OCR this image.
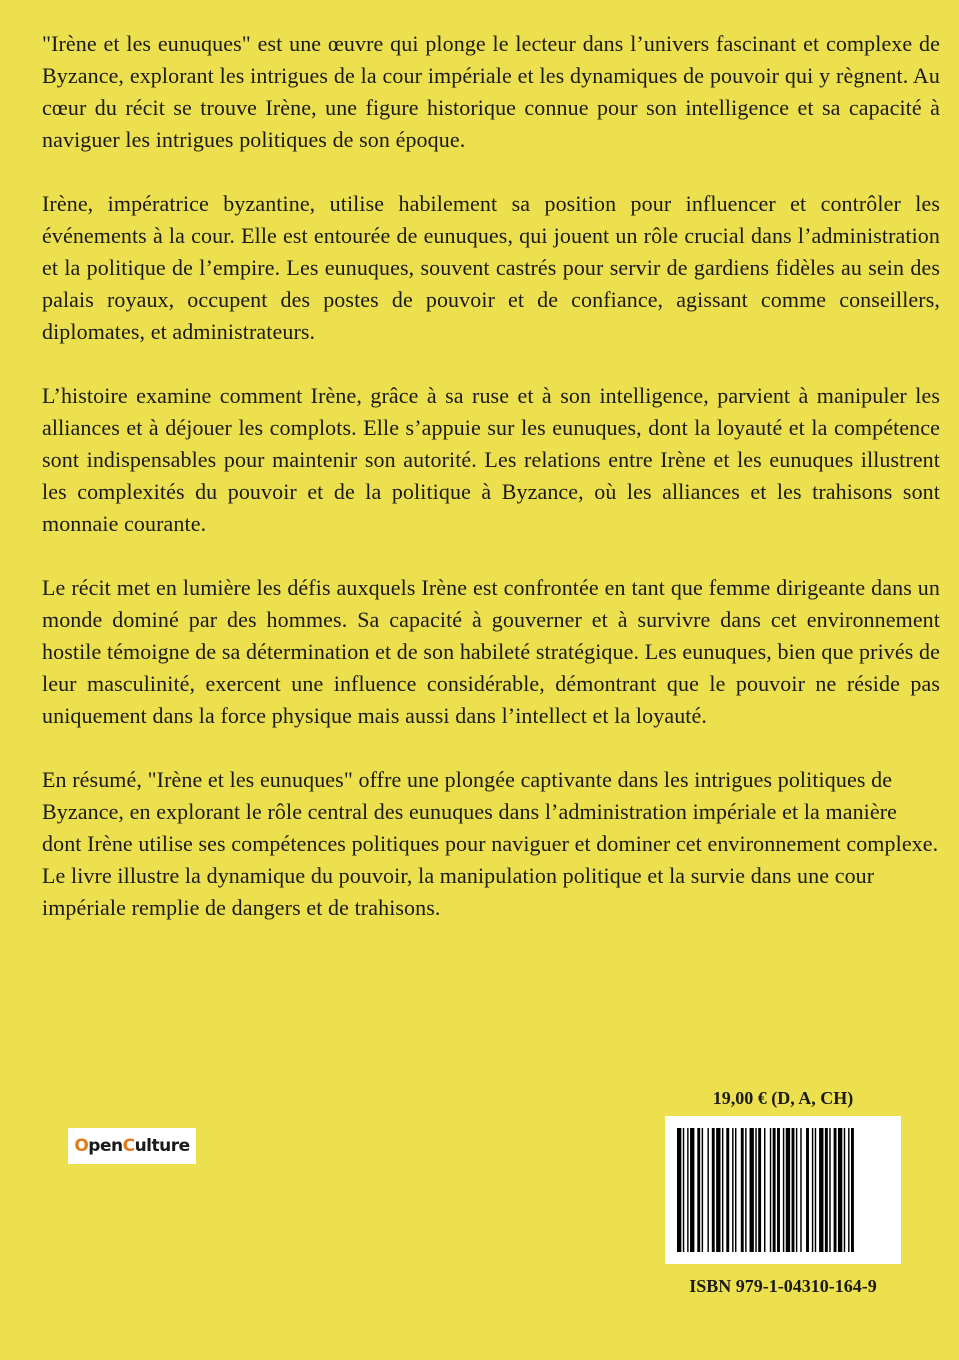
"Irène et les eunuques" est une œuvre qui plonge le lecteur dans l’univers fascinant et complexe de Byzance, explorant les intrigues de la cour impériale et les dynamiques de pouvoir qui y règnent. Au cœur du récit se trouve Irène, une figure historique connue pour son intelligence et sa capacité à naviguer les intrigues politiques de son époque.

Irène, impératrice byzantine, utilise habilement sa position pour influencer et contrôler les événements à la cour. Elle est entourée de eunuques, qui jouent un rôle crucial dans l’administration et la politique de l’empire. Les eunuques, souvent castrés pour servir de gardiens fidèles au sein des palais royaux, occupent des postes de pouvoir et de confiance, agissant comme conseillers, diplomates, et administrateurs.

L’histoire examine comment Irène, grâce à sa ruse et à son intelligence, parvient à manipuler les alliances et à déjouer les complots. Elle s’appuie sur les eunuques, dont la loyauté et la compétence sont indispensables pour maintenir son autorité. Les relations entre Irène et les eunuques illustrent les complexités du pouvoir et de la politique à Byzance, où les alliances et les trahisons sont monnaie courante.

Le récit met en lumière les défis auxquels Irène est confrontée en tant que femme dirigeante dans un monde dominé par des hommes. Sa capacité à gouverner et à survivre dans cet environnement hostile témoigne de sa détermination et de son habileté stratégique. Les eunuques, bien que privés de leur masculinité, exercent une influence considérable, démontrant que le pouvoir ne réside pas uniquement dans la force physique mais aussi dans l’intellect et la loyauté.

En résumé, "Irène et les eunuques" offre une plongée captivante dans les intrigues politiques de Byzance, en explorant le rôle central des eunuques dans l’administration impériale et la manière dont Irène utilise ses compétences politiques pour naviguer et dominer cet environnement complexe. Le livre illustre la dynamique du pouvoir, la manipulation politique et la survie dans une cour impériale remplie de dangers et de trahisons.

O pen C ulture
19,00 € (D, A, CH)
ISBN 979-1-04310-164-9
